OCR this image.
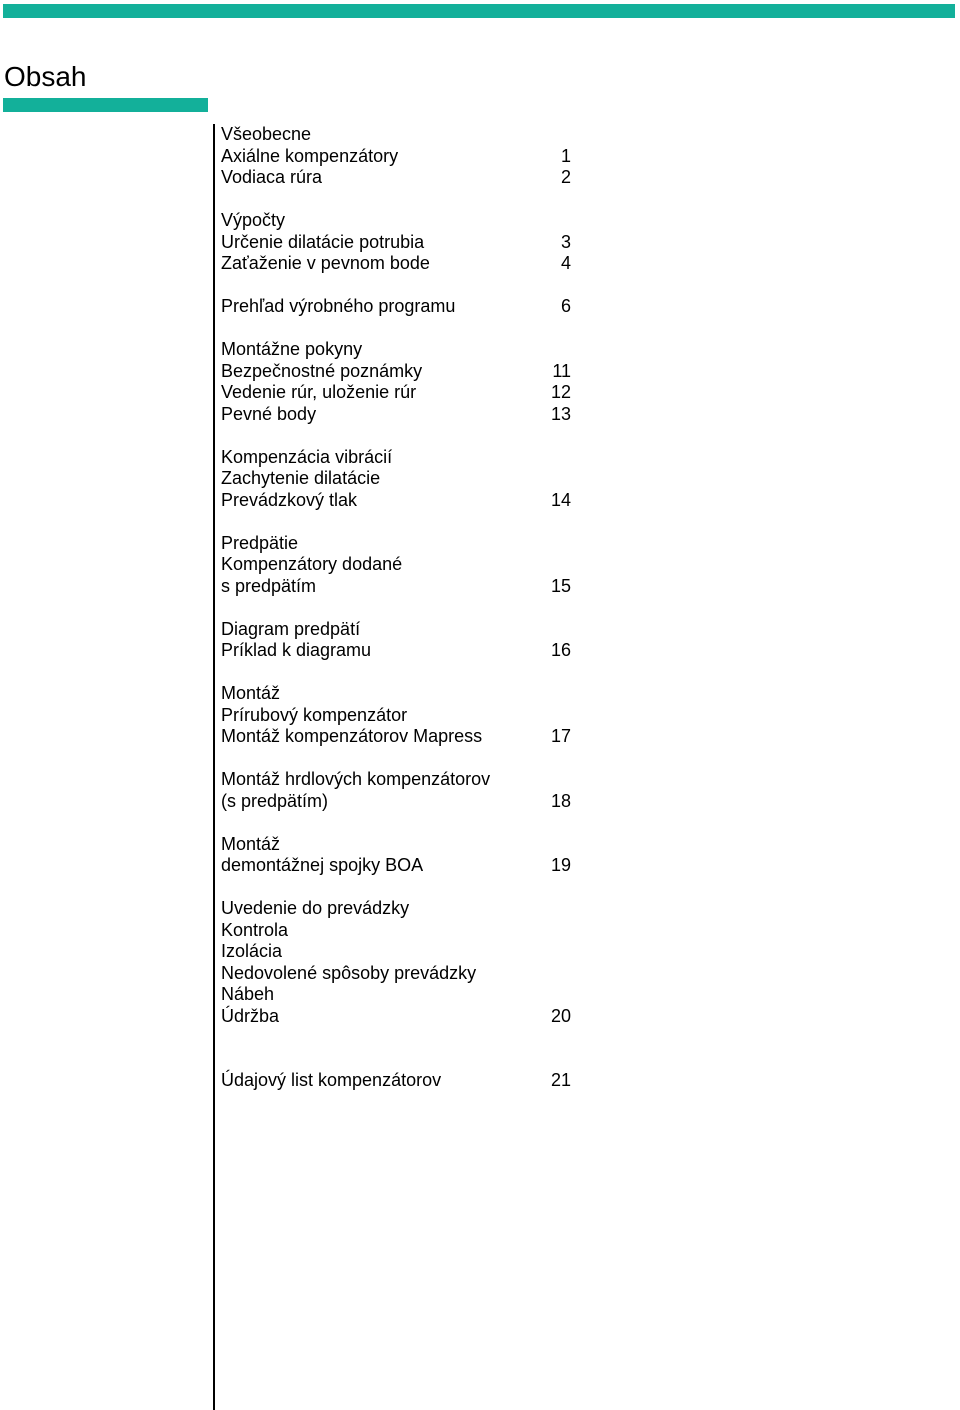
Obsah
Všeobecne
Axiálne kompenzátory	1
Vodiaca rúra	2
Výpočty
Určenie dilatácie potrubia	3
Zaťaženie v pevnom bode	4
Prehľad výrobného programu	6
Montážne pokyny
Bezpečnostné poznámky	11
Vedenie rúr, uloženie rúr	12
Pevné body	13
Kompenzácia vibrácií
Zachytenie dilatácie
Prevádzkový tlak	14
Predpätie
Kompenzátory dodané
s predpätím	15
Diagram predpätí
Príklad k diagramu	16
Montáž
Prírubový kompenzátor
Montáž kompenzátorov Mapress	17
Montáž hrdlových kompenzátorov
(s predpätím)	18
Montáž
demontážnej spojky BOA	19
Uvedenie do prevádzky
Kontrola
Izolácia
Nedovolené spôsoby prevádzky
Nábeh
Údržba	20
Údajový list kompenzátorov	21
